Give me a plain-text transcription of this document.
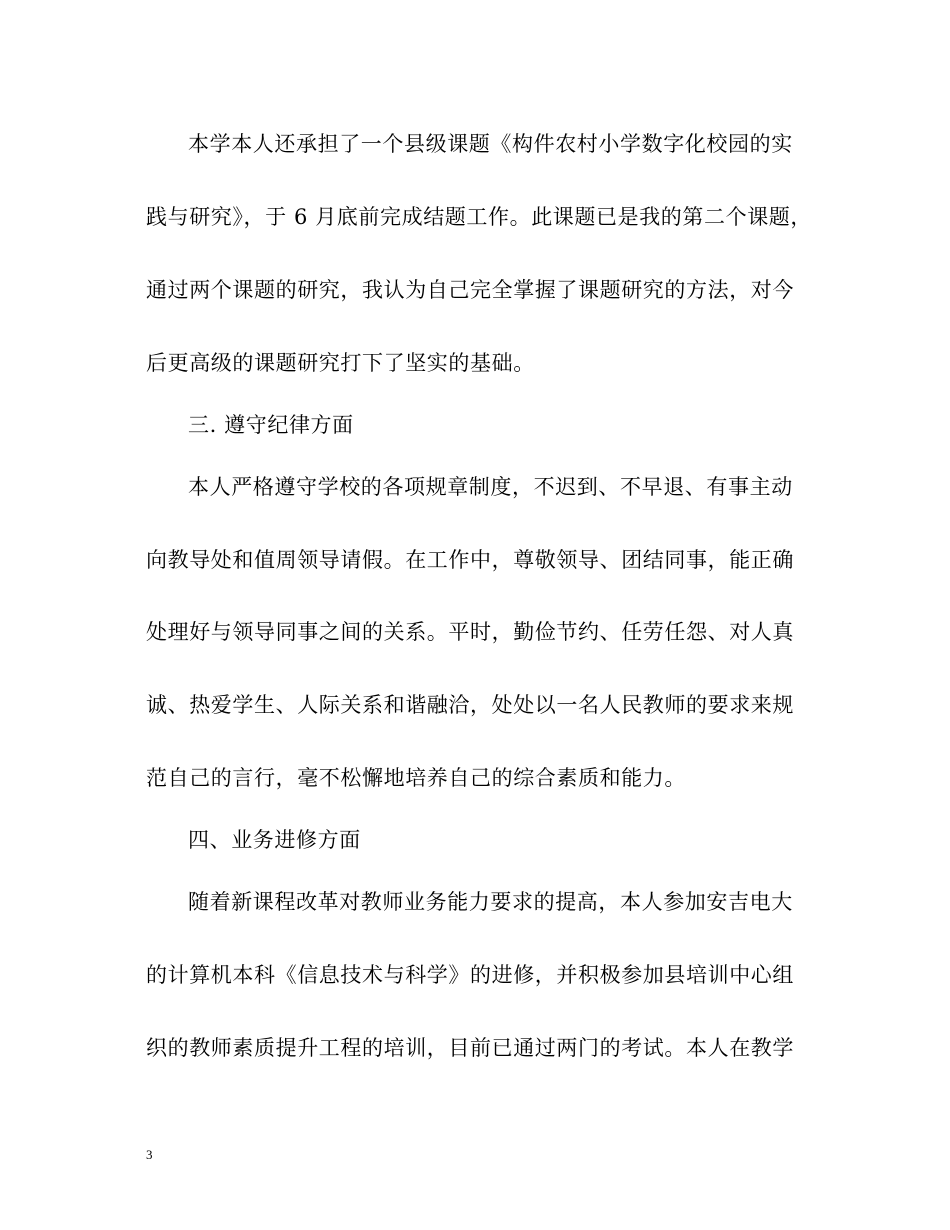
本学本人还承担了一个县级课题《构件农村小学数字化校园的实
践与研究》，于 6 月底前完成结题工作。此课题已是我的第二个课题，
通过两个课题的研究，我认为自己完全掌握了课题研究的方法，对今
后更高级的课题研究打下了坚实的基础。
三. 遵守纪律方面
本人严格遵守学校的各项规章制度，不迟到、不早退、有事主动
向教导处和值周领导请假。在工作中，尊敬领导、团结同事，能正确
处理好与领导同事之间的关系。平时，勤俭节约、任劳任怨、对人真
诚、热爱学生、人际关系和谐融洽，处处以一名人民教师的要求来规
范自己的言行，毫不松懈地培养自己的综合素质和能力。
四、业务进修方面
随着新课程改革对教师业务能力要求的提高，本人参加安吉电大
的计算机本科《信息技术与科学》的进修，并积极参加县培训中心组
织的教师素质提升工程的培训，目前已通过两门的考试。本人在教学
3
